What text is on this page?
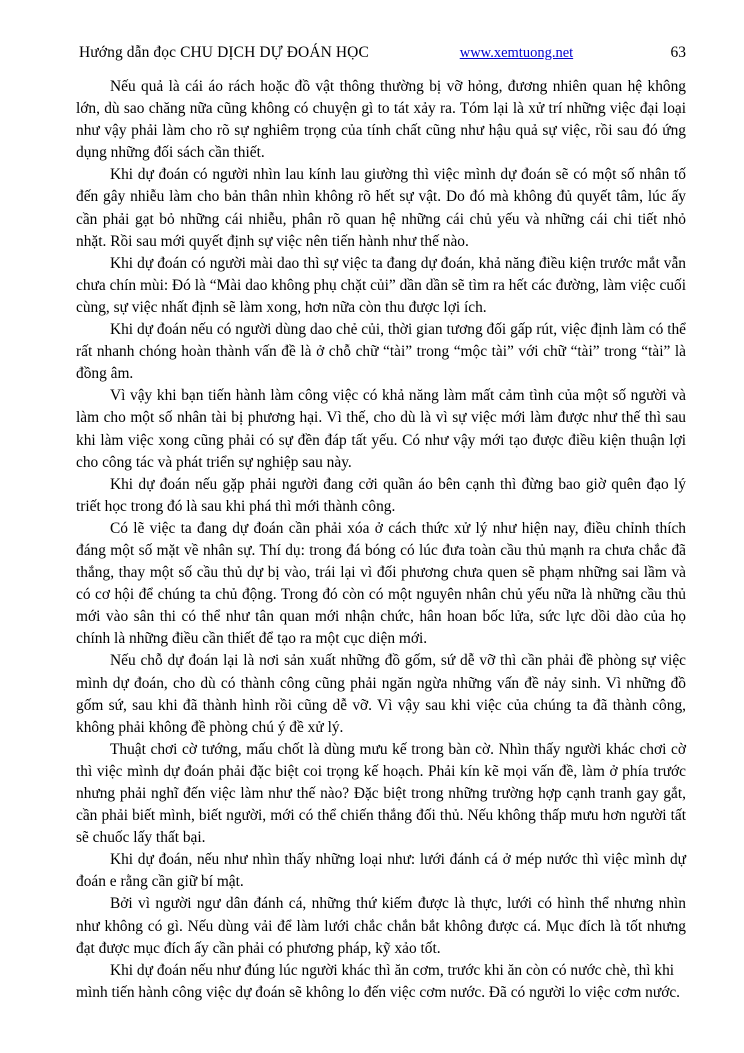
Hướng dẫn đọc CHU DỊCH DỰ ĐOÁN HỌC	www.xemtuong.net	63

Nếu quả là cái áo rách hoặc đồ vật thông thường bị vỡ hỏng, đương nhiên quan hệ không lớn, dù sao chăng nữa cũng không có chuyện gì to tát xảy ra. Tóm lại là xử trí những việc đại loại như vậy phải làm cho rõ sự nghiêm trọng của tính chất cũng như hậu quả sự việc, rồi sau đó ứng dụng những đối sách cần thiết.

Khi dự đoán có người nhìn lau kính lau giường thì việc mình dự đoán sẽ có một số nhân tố đến gây nhiễu làm cho bản thân nhìn không rõ hết sự vật. Do đó mà không đủ quyết tâm, lúc ấy cần phải gạt bỏ những cái nhiễu, phân rõ quan hệ những cái chủ yếu và những cái chi tiết nhỏ nhặt. Rồi sau mới quyết định sự việc nên tiến hành như thế nào.

Khi dự đoán có người mài dao thì sự việc ta đang dự đoán, khả năng điều kiện trước mắt vẫn chưa chín mùi: Đó là “Mài dao không phụ chặt củi” dần dần sẽ tìm ra hết các đường, làm việc cuối cùng, sự việc nhất định sẽ làm xong, hơn nữa còn thu được lợi ích.

Khi dự đoán nếu có người dùng dao chẻ củi, thời gian tương đối gấp rút, việc định làm có thể rất nhanh chóng hoàn thành vấn đề là ở chỗ chữ “tài” trong “mộc tài” với chữ “tài” trong “tài” là đồng âm.

Vì vậy khi bạn tiến hành làm công việc có khả năng làm mất cảm tình của một số người và làm cho một số nhân tài bị phương hại. Vì thế, cho dù là vì sự việc mới làm được như thế thì sau khi làm việc xong cũng phải có sự đền đáp tất yếu. Có như vậy mới tạo được điều kiện thuận lợi cho công tác và phát triển sự nghiệp sau này.

Khi dự đoán nếu gặp phải người đang cởi quần áo bên cạnh thì đừng bao giờ quên đạo lý triết học trong đó là sau khi phá thì mới thành công.

Có lẽ việc ta đang dự đoán cần phải xóa ở cách thức xử lý như hiện nay, điều chỉnh thích đáng một số mặt về nhân sự. Thí dụ: trong đá bóng có lúc đưa toàn cầu thủ mạnh ra chưa chắc đã thắng, thay một số cầu thủ dự bị vào, trái lại vì đối phương chưa quen sẽ phạm những sai lầm và có cơ hội để chúng ta chủ động. Trong đó còn có một nguyên nhân chủ yếu nữa là những cầu thủ mới vào sân thi có thể như tân quan mới nhận chức, hân hoan bốc lửa, sức lực dồi dào của họ chính là những điều cần thiết để tạo ra một cục diện mới.

Nếu chỗ dự đoán lại là nơi sản xuất những đồ gốm, sứ dễ vỡ thì cần phải đề phòng sự việc mình dự đoán, cho dù có thành công cũng phải ngăn ngừa những vấn đề nảy sinh. Vì những đồ gốm sứ, sau khi đã thành hình rồi cũng dễ vỡ. Vì vậy sau khi việc của chúng ta đã thành công, không phải không đề phòng chú ý đề xử lý.

Thuật chơi cờ tướng, mấu chốt là dùng mưu kế trong bàn cờ. Nhìn thấy người khác chơi cờ thì việc mình dự đoán phải đặc biệt coi trọng kế hoạch. Phải kín kẽ mọi vấn đề, làm ở phía trước nhưng phải nghĩ đến việc làm như thế nào? Đặc biệt trong những trường hợp cạnh tranh gay gắt, cần phải biết mình, biết người, mới có thể chiến thắng đối thủ. Nếu không thấp mưu hơn người tất sẽ chuốc lấy thất bại.

Khi dự đoán, nếu như nhìn thấy những loại như: lưới đánh cá ở mép nước thì việc mình dự đoán e rằng cần giữ bí mật.

Bởi vì người ngư dân đánh cá, những thứ kiếm được là thực, lưới có hình thể nhưng nhìn như không có gì. Nếu dùng vải để làm lưới chắc chắn bắt không được cá. Mục đích là tốt nhưng đạt được mục đích ấy cần phải có phương pháp, kỹ xảo tốt.

Khi dự đoán nếu như đúng lúc người khác thì ăn cơm, trước khi ăn còn có nước chè, thì khi mình tiến hành công việc dự đoán sẽ không lo đến việc cơm nước. Đã có người lo việc cơm nước.
